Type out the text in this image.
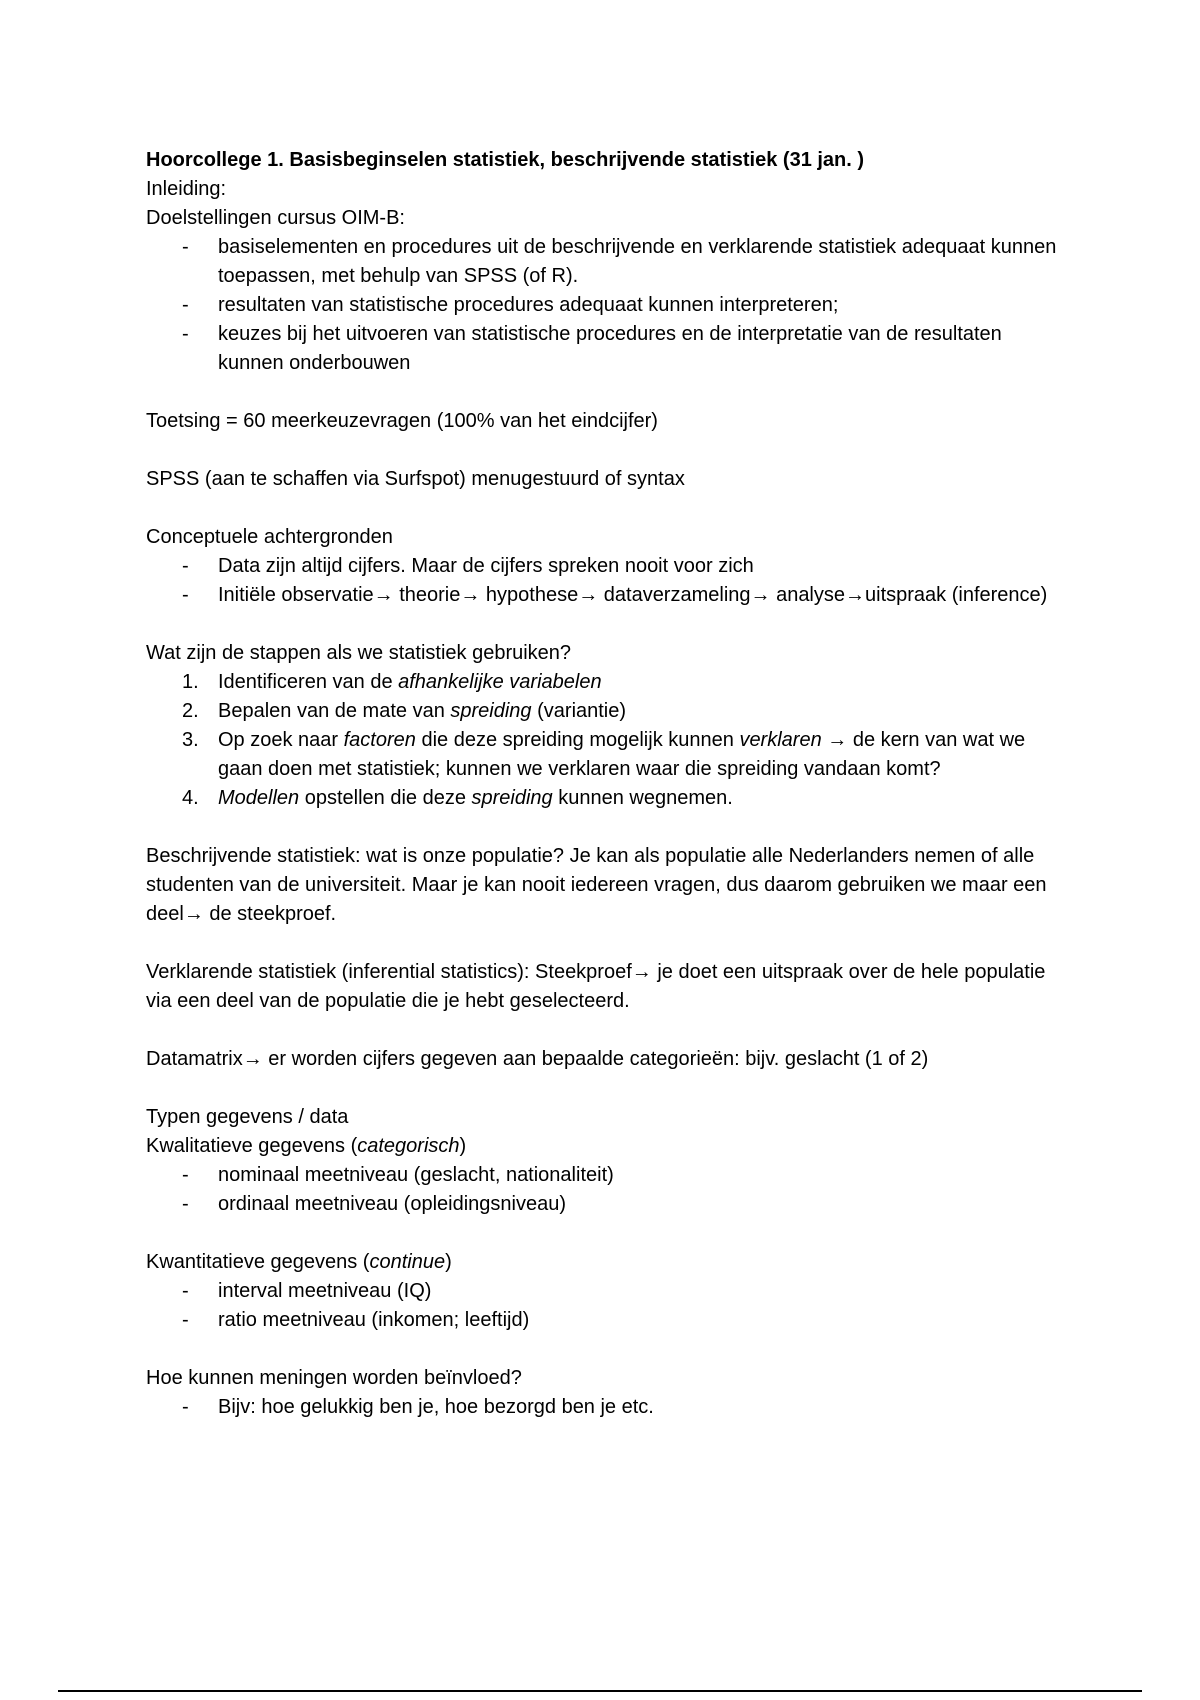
Hoorcollege 1. Basisbeginselen statistiek, beschrijvende statistiek (31 jan. )
Inleiding:
Doelstellingen cursus OIM-B:
- basiselementen en procedures uit de beschrijvende en verklarende statistiek adequaat kunnen toepassen, met behulp van SPSS (of R).
- resultaten van statistische procedures adequaat kunnen interpreteren;
- keuzes bij het uitvoeren van statistische procedures en de interpretatie van de resultaten kunnen onderbouwen
Toetsing = 60 meerkeuzevragen (100% van het eindcijfer)
SPSS (aan te schaffen via Surfspot) menugestuurd of syntax
Conceptuele achtergronden
- Data zijn altijd cijfers. Maar de cijfers spreken nooit voor zich
- Initiële observatie→ theorie→ hypothese→ dataverzameling→ analyse→uitspraak (inference)
Wat zijn de stappen als we statistiek gebruiken?
1. Identificeren van de afhankelijke variabelen
2. Bepalen van de mate van spreiding (variantie)
3. Op zoek naar factoren die deze spreiding mogelijk kunnen verklaren → de kern van wat we gaan doen met statistiek; kunnen we verklaren waar die spreiding vandaan komt?
4. Modellen opstellen die deze spreiding kunnen wegnemen.
Beschrijvende statistiek: wat is onze populatie? Je kan als populatie alle Nederlanders nemen of alle studenten van de universiteit. Maar je kan nooit iedereen vragen, dus daarom gebruiken we maar een deel→ de steekproef.
Verklarende statistiek (inferential statistics): Steekproef→ je doet een uitspraak over de hele populatie via een deel van de populatie die je hebt geselecteerd.
Datamatrix→ er worden cijfers gegeven aan bepaalde categorieën: bijv. geslacht (1 of 2)
Typen gegevens / data
Kwalitatieve gegevens (categorisch)
- nominaal meetniveau (geslacht, nationaliteit)
- ordinaal meetniveau (opleidingsniveau)
Kwantitatieve gegevens (continue)
- interval meetniveau (IQ)
- ratio meetniveau (inkomen; leeftijd)
Hoe kunnen meningen worden beïnvloed?
- Bijv: hoe gelukkig ben je, hoe bezorgd ben je etc.
